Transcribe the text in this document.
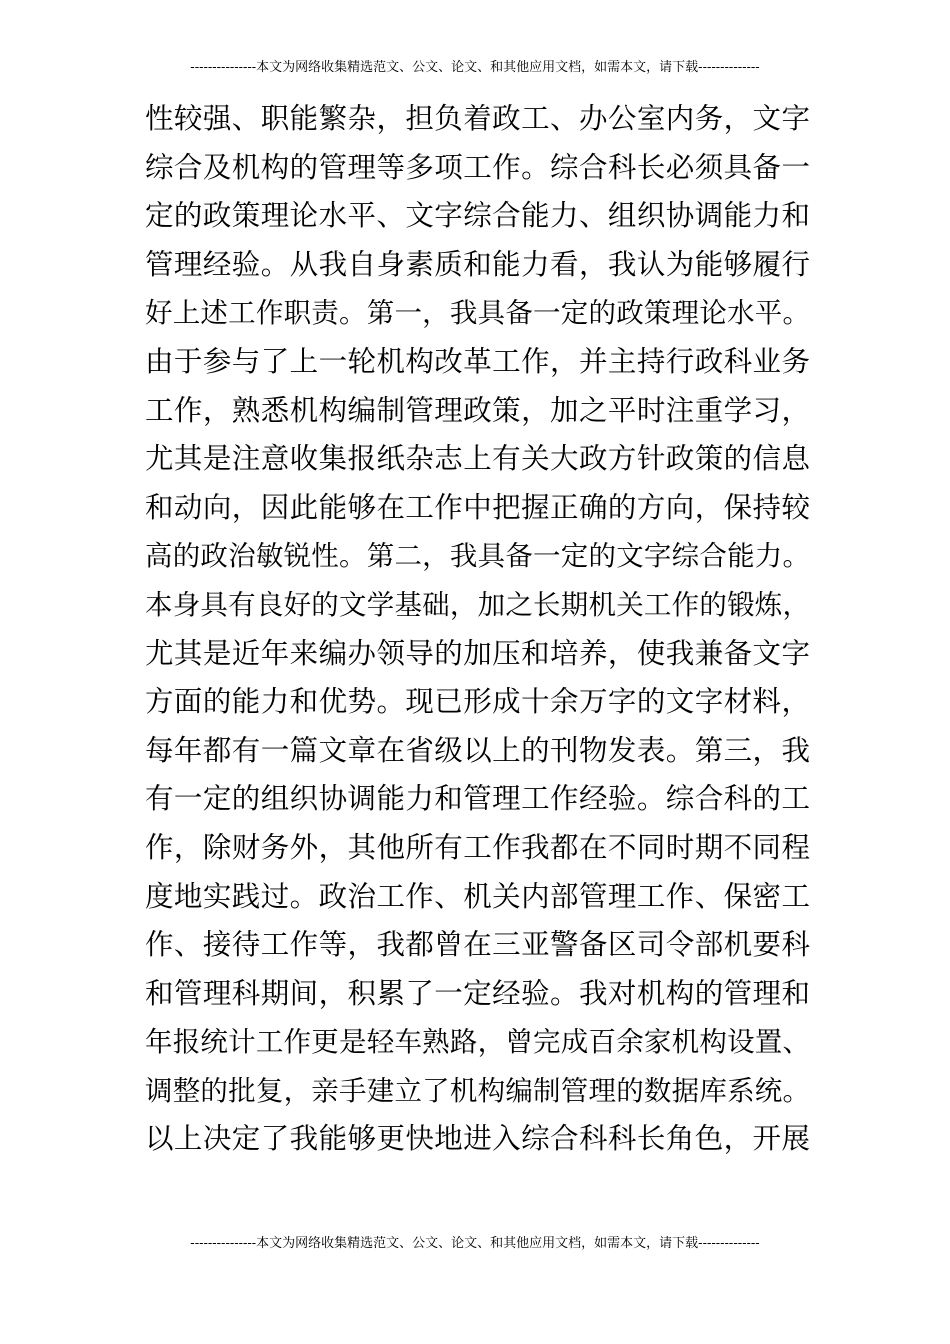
---------------本文为网络收集精选范文、公文、论文、和其他应用文档，如需本文，请下载--------------
性较强、职能繁杂，担负着政工、办公室内务，文字
综合及机构的管理等多项工作。综合科长必须具备一
定的政策理论水平、文字综合能力、组织协调能力和
管理经验。从我自身素质和能力看，我认为能够履行
好上述工作职责。第一，我具备一定的政策理论水平。
由于参与了上一轮机构改革工作，并主持行政科业务
工作，熟悉机构编制管理政策，加之平时注重学习，
尤其是注意收集报纸杂志上有关大政方针政策的信息
和动向，因此能够在工作中把握正确的方向，保持较
高的政治敏锐性。第二，我具备一定的文字综合能力。
本身具有良好的文学基础，加之长期机关工作的锻炼，
尤其是近年来编办领导的加压和培养，使我兼备文字
方面的能力和优势。现已形成十余万字的文字材料，
每年都有一篇文章在省级以上的刊物发表。第三，我
有一定的组织协调能力和管理工作经验。综合科的工
作，除财务外，其他所有工作我都在不同时期不同程
度地实践过。政治工作、机关内部管理工作、保密工
作、接待工作等，我都曾在三亚警备区司令部机要科
和管理科期间，积累了一定经验。我对机构的管理和
年报统计工作更是轻车熟路，曾完成百余家机构设置、
调整的批复，亲手建立了机构编制管理的数据库系统。
以上决定了我能够更快地进入综合科科长角色，开展
---------------本文为网络收集精选范文、公文、论文、和其他应用文档，如需本文，请下载--------------
